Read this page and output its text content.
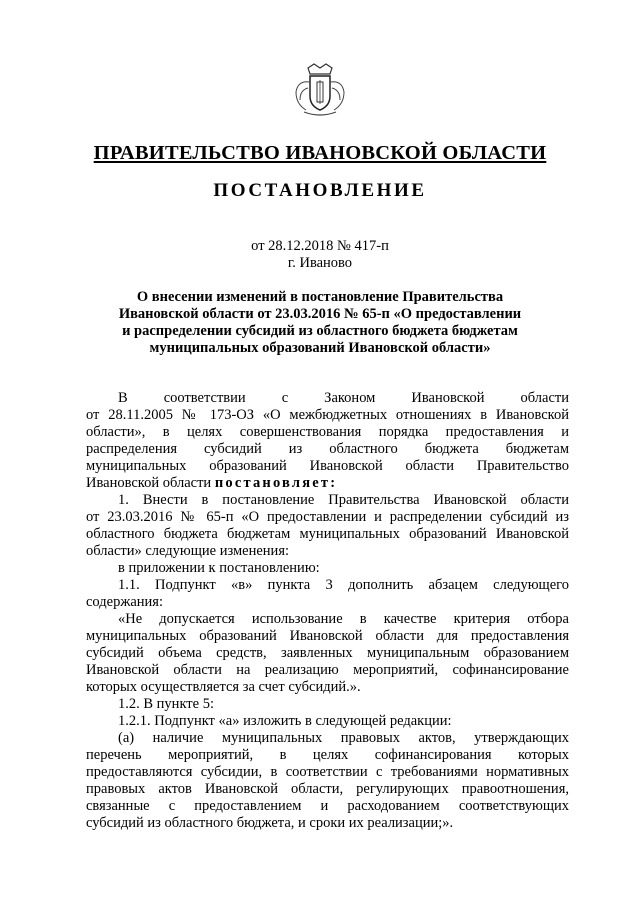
ПРАВИТЕЛЬСТВО ИВАНОВСКОЙ ОБЛАСТИ
ПОСТАНОВЛЕНИЕ
от 28.12.2018 № 417-п
г. Иваново
О внесении изменений в постановление Правительства
Ивановской области от 23.03.2016 № 65-п «О предоставлении
и распределении субсидий из областного бюджета бюджетам
муниципальных образований Ивановской области»

В соответствии с Законом Ивановской области

от 28.11.2005 № 173-ОЗ «О межбюджетных отношениях в Ивановской

области», в целях совершенствования порядка предоставления и

распределения субсидий из областного бюджета бюджетам

муниципальных образований Ивановской области Правительство

Ивановской области постановляет:

1. Внести в постановление Правительства Ивановской области

от 23.03.2016 № 65-п «О предоставлении и распределении субсидий из

областного бюджета бюджетам муниципальных образований Ивановской

области» следующие изменения:

в приложении к постановлению:

1.1. Подпункт «в» пункта 3 дополнить абзацем следующего

содержания:

«Не допускается использование в качестве критерия отбора

муниципальных образований Ивановской области для предоставления

субсидий объема средств, заявленных муниципальным образованием

Ивановской области на реализацию мероприятий, софинансирование

которых осуществляется за счет субсидий.».

1.2. В пункте 5:

1.2.1. Подпункт «а» изложить в следующей редакции:

(а) наличие муниципальных правовых актов, утверждающих

перечень мероприятий, в целях софинансирования которых

предоставляются субсидии, в соответствии с требованиями нормативных

правовых актов Ивановской области, регулирующих правоотношения,

связанные с предоставлением и расходованием соответствующих

субсидий из областного бюджета, и сроки их реализации;».
